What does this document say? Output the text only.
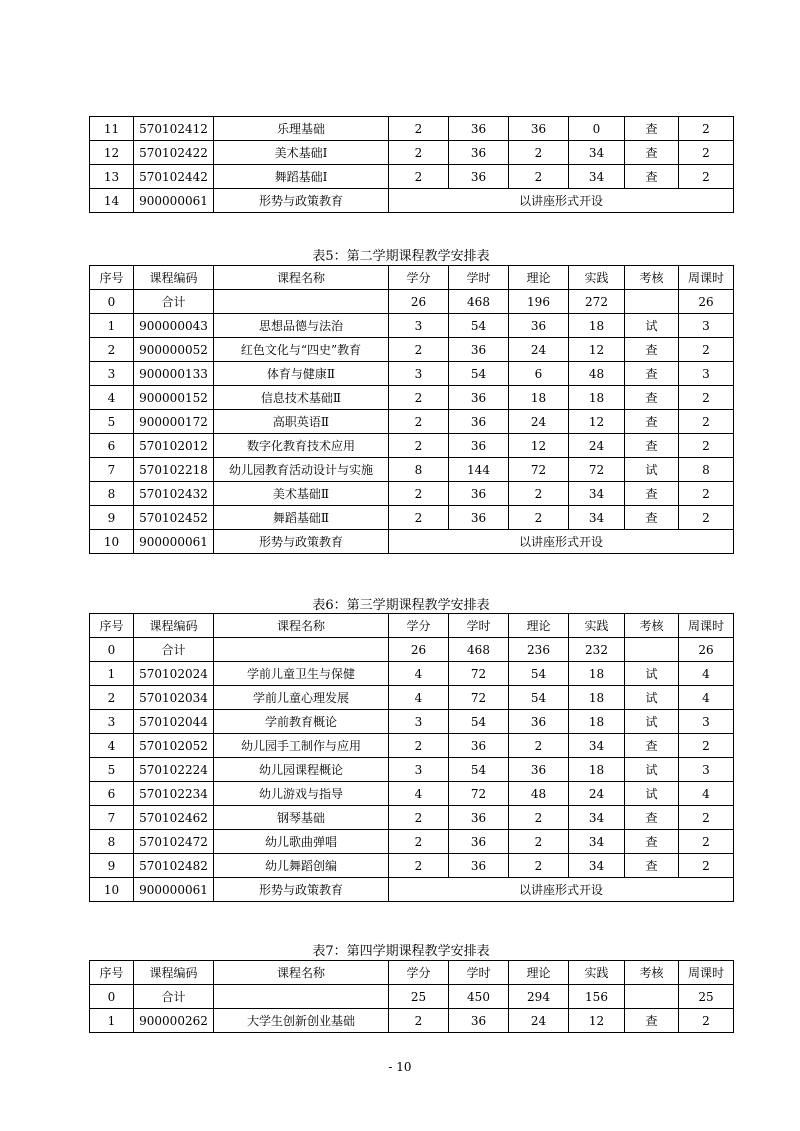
11	570102412	乐理基础	2	36	36	0	查	2
12	570102422	美术基础Ⅰ	2	36	2	34	查	2
13	570102442	舞蹈基础Ⅰ	2	36	2	34	查	2
14	900000061	形势与政策教育	以讲座形式开设					
表5：第二学期课程教学安排表
序号	课程编码	课程名称	学分	学时	理论	实践	考核	周课时
0	合计		26	468	196	272		26
1	900000043	思想品德与法治	3	54	36	18	试	3
2	900000052	红色文化与“四史”教育	2	36	24	12	查	2
3	900000133	体育与健康Ⅱ	3	54	6	48	查	3
4	900000152	信息技术基础Ⅱ	2	36	18	18	查	2
5	900000172	高职英语Ⅱ	2	36	24	12	查	2
6	570102012	数字化教育技术应用	2	36	12	24	查	2
7	570102218	幼儿园教育活动设计与实施	8	144	72	72	试	8
8	570102432	美术基础Ⅱ	2	36	2	34	查	2
9	570102452	舞蹈基础Ⅱ	2	36	2	34	查	2
10	900000061	形势与政策教育	以讲座形式开设					
表6：第三学期课程教学安排表
序号	课程编码	课程名称	学分	学时	理论	实践	考核	周课时
0	合计		26	468	236	232		26
1	570102024	学前儿童卫生与保健	4	72	54	18	试	4
2	570102034	学前儿童心理发展	4	72	54	18	试	4
3	570102044	学前教育概论	3	54	36	18	试	3
4	570102052	幼儿园手工制作与应用	2	36	2	34	查	2
5	570102224	幼儿园课程概论	3	54	36	18	试	3
6	570102234	幼儿游戏与指导	4	72	48	24	试	4
7	570102462	钢琴基础	2	36	2	34	查	2
8	570102472	幼儿歌曲弹唱	2	36	2	34	查	2
9	570102482	幼儿舞蹈创编	2	36	2	34	查	2
10	900000061	形势与政策教育	以讲座形式开设					
表7：第四学期课程教学安排表
序号	课程编码	课程名称	学分	学时	理论	实践	考核	周课时
0	合计		25	450	294	156		25
1	900000262	大学生创新创业基础	2	36	24	12	查	2
- 10
